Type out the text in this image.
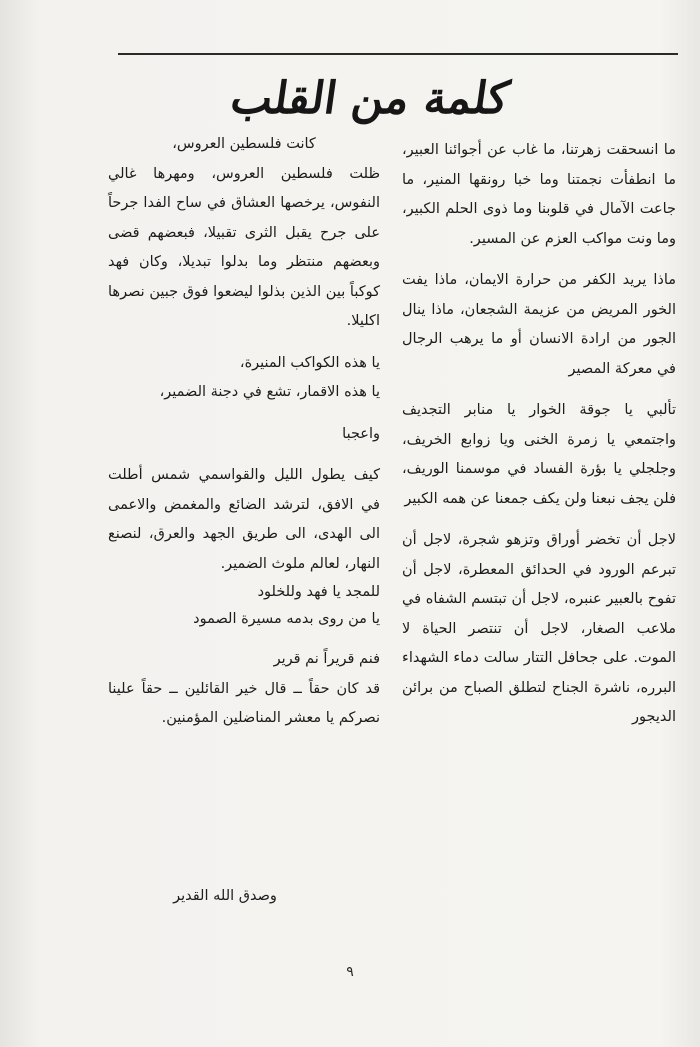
كلمة من القلب

ما انسحقت زهرتنا، ما غاب عن أجوائنا العبير، ما انطفأت نجمتنا وما خبا رونقها المنير، ما جاعت الآمال في قلوبنا وما ذوى الحلم الكبير، وما ونت مواكب العزم عن المسير.

ماذا يريد الكفر من حرارة الايمان، ماذا يفت الخور المريض من عزيمة الشجعان، ماذا ينال الجور من ارادة الانسان أو ما يرهب الرجال في معركة المصير

تألبي يا جوقة الخوار يا منابر التجديف واجتمعي يا زمرة الخنى ويا زوابع الخريف، وجلجلي يا بؤرة الفساد في موسمنا الوريف، فلن يجف نبعنا ولن يكف جمعنا عن همه الكبير

لاجل أن تخضر أوراق وتزهو شجرة، لاجل أن تبرعم الورود في الحدائق المعطرة، لاجل أن تفوح بالعبير عنبره، لاجل أن تبتسم الشفاه في ملاعب الصغار، لاجل أن تنتصر الحياة لا الموت. على جحافل التتار سالت دماء الشهداء البرره، ناشرة الجناح لتطلق الصباح من برائن الديجور

كانت فلسطين العروس،

ظلت فلسطين العروس، ومهرها غالي النفوس، يرخصها العشاق في ساح الفدا جرحاً على جرح يقبل الثرى تقبيلا، فبعضهم قضى وبعضهم منتظر وما بدلوا تبديلا، وكان فهد كوكباً بين الذين بذلوا ليضعوا فوق جبين نصرها اكليلا.

يا هذه الكواكب المنيرة،

يا هذه الاقمار، تشع في دجنة الضمير،

واعجبا

كيف يطول الليل والقواسمي شمس أطلت في الافق، لترشد الضائع والمغمض والاعمى الى الهدى، الى طريق الجهد والعرق، لنصنع النهار، لعالم ملوث الضمير.

للمجد يا فهد وللخلود

يا من روى بدمه مسيرة الصمود

فنم قريراً نم قرير

قد كان حقاً ــ قال خير القائلين ــ حقاً علينا نصركم يا معشر المناضلين المؤمنين.

وصدق الله القدير
٩
